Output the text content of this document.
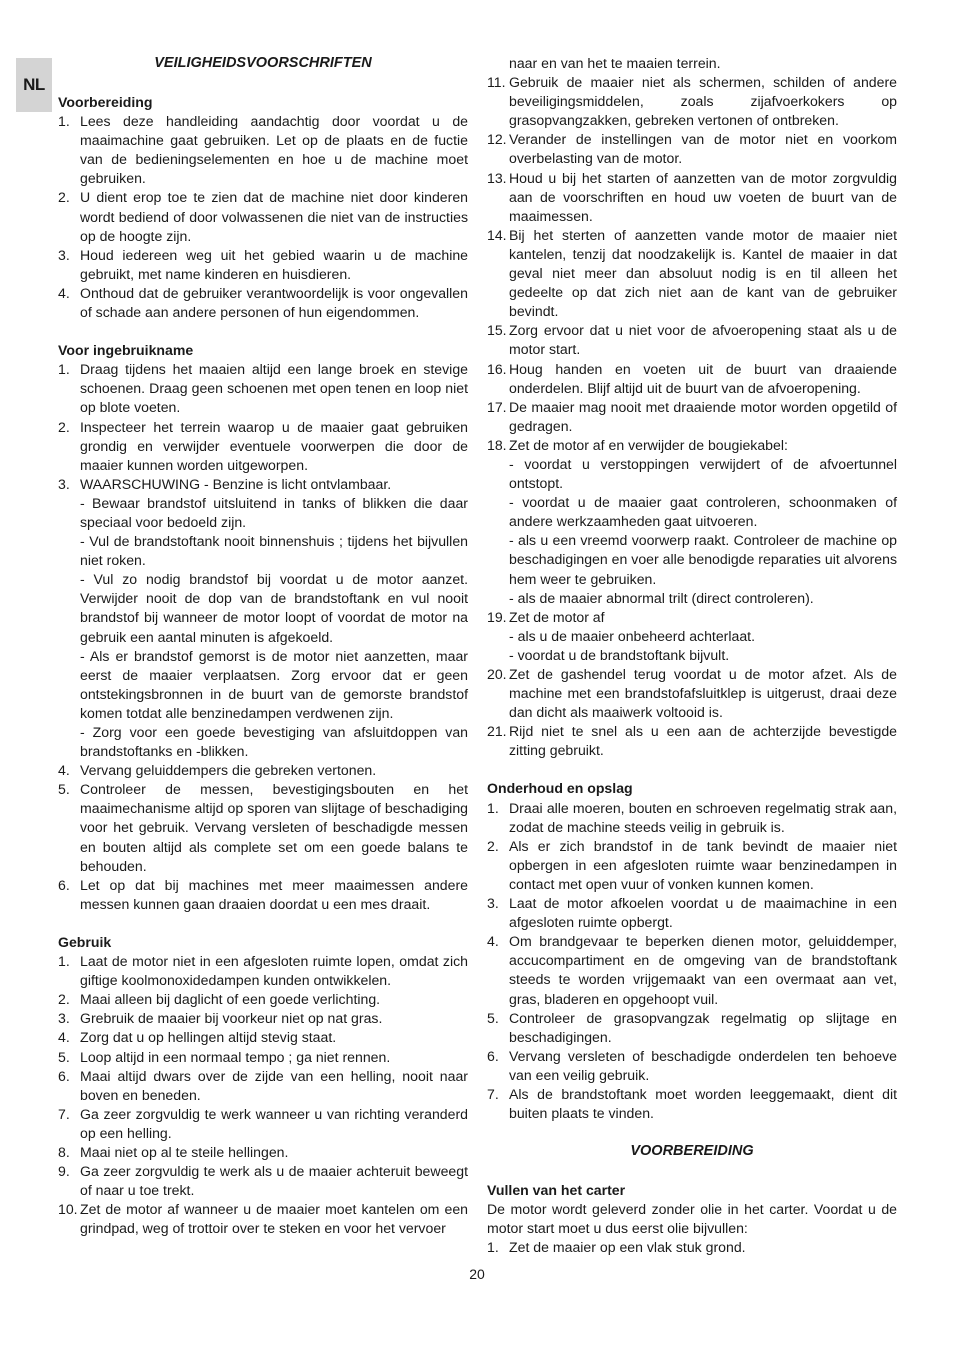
NL
VEILIGHEIDSVOORSCHRIFTEN
Voorbereiding
1. Lees deze handleiding aandachtig door voordat u de maaimachine gaat gebruiken. Let op de plaats en de fuctie van de bedieningselementen en hoe u de machine moet gebruiken.
2. U dient erop toe te zien dat de machine niet door kinderen wordt bediend of door volwassenen die niet van de instructies op de hoogte zijn.
3. Houd iedereen weg uit het gebied waarin u de machine gebruikt, met name kinderen en huisdieren.
4. Onthoud dat de gebruiker verantwoordelijk is voor ongevallen of schade aan andere personen of hun eigendommen.
Voor ingebruikname
1. Draag tijdens het maaien altijd een lange broek en stevige schoenen. Draag geen schoenen met open tenen en loop niet op blote voeten.
2. Inspecteer het terrein waarop u de maaier gaat gebruiken grondig en verwijder eventuele voorwerpen die door de maaier kunnen worden uitgeworpen.
3. WAARSCHUWING - Benzine is licht ontvlambaar.
- Bewaar brandstof uitsluitend in tanks of blikken die daar speciaal voor bedoeld zijn.
- Vul de brandstoftank nooit binnenshuis ; tijdens het bijvullen niet roken.
- Vul zo nodig brandstof bij voordat u de motor aanzet. Verwijder nooit de dop van de brandstoftank en vul nooit brandstof bij wanneer de motor loopt of voordat de motor na gebruik een aantal minuten is afgekoeld.
- Als er brandstof gemorst is de motor niet aanzetten, maar eerst de maaier verplaatsen. Zorg ervoor dat er geen ontstekingsbronnen in de buurt van de gemorste brandstof komen totdat alle benzinedampen verdwenen zijn.
- Zorg voor een goede bevestiging van afsluitdoppen van brandstoftanks en -blikken.
4. Vervang geluiddempers die gebreken vertonen.
5. Controleer de messen, bevestigingsbouten en het maaimechanisme altijd op sporen van slijtage of beschadiging voor het gebruik. Vervang versleten of beschadigde messen en bouten altijd als complete set om een goede balans te behouden.
6. Let op dat bij machines met meer maaimessen andere messen kunnen gaan draaien doordat u een mes draait.
Gebruik
1. Laat de motor niet in een afgesloten ruimte lopen, omdat zich giftige koolmonoxidedampen kunden ontwikkelen.
2. Maai alleen bij daglicht of een goede verlichting.
3. Grebruik de maaier bij voorkeur niet op nat gras.
4. Zorg dat u op hellingen altijd stevig staat.
5. Loop altijd in een normaal tempo ; ga niet rennen.
6. Maai altijd dwars over de zijde van een helling, nooit naar boven en beneden.
7. Ga zeer zorgvuldig te werk wanneer u van richting veranderd op een helling.
8. Maai niet op al te steile hellingen.
9. Ga zeer zorgvuldig te werk als u de maaier achteruit beweegt of naar u toe trekt.
10. Zet de motor af wanneer u de maaier moet kantelen om een grindpad, weg of trottoir over te steken en voor het vervoer
naar en van het te maaien terrein.
11. Gebruik de maaier niet als schermen, schilden of andere beveiligingsmiddelen, zoals zijafvoerkokers op grasopvangzakken, gebreken vertonen of ontbreken.
12. Verander de instellingen van de motor niet en voorkom overbelasting van de motor.
13. Houd u bij het starten of aanzetten van de motor zorgvuldig aan de voorschriften en houd uw voeten de buurt van de maaimessen.
14. Bij het sterten of aanzetten vande motor de maaier niet kantelen, tenzij dat noodzakelijk is. Kantel de maaier in dat geval niet meer dan absoluut nodig is en til alleen het gedeelte op dat zich niet aan de kant van de gebruiker bevindt.
15. Zorg ervoor dat u niet voor de afvoeropening staat als u de motor start.
16. Houg handen en voeten uit de buurt van draaiende onderdelen. Blijf altijd uit de buurt van de afvoeropening.
17. De maaier mag nooit met draaiende motor worden opgetild of gedragen.
18. Zet de motor af en verwijder de bougiekabel:
- voordat u verstoppingen verwijdert of de afvoertunnel ontstopt.
- voordat u de maaier gaat controleren, schoonmaken of andere werkzaamheden gaat uitvoeren.
- als u een vreemd voorwerp raakt. Controleer de machine op beschadigingen en voer alle benodigde reparaties uit alvorens hem weer te gebruiken.
- als de maaier abnormal trilt (direct controleren).
19. Zet de motor af
- als u de maaier onbeheerd achterlaat.
- voordat u de brandstoftank bijvult.
20. Zet de gashendel terug voordat u de motor afzet. Als de machine met een brandstofafsluitklep is uitgerust, draai deze dan dicht als maaiwerk voltooid is.
21. Rijd niet te snel als u een aan de achterzijde bevestigde zitting gebruikt.
Onderhoud en opslag
1. Draai alle moeren, bouten en schroeven regelmatig strak aan, zodat de machine steeds veilig in gebruik is.
2. Als er zich brandstof in de tank bevindt de maaier niet opbergen in een afgesloten ruimte waar benzinedampen in contact met open vuur of vonken kunnen komen.
3. Laat de motor afkoelen voordat u de maaimachine in een afgesloten ruimte opbergt.
4. Om brandgevaar te beperken dienen motor, geluiddemper, accucompartiment en de omgeving van de brandstoftank steeds te worden vrijgemaakt van een overmaat aan vet, gras, bladeren en opgehoopt vuil.
5. Controleer de grasopvangzak regelmatig op slijtage en beschadigingen.
6. Vervang versleten of beschadigde onderdelen ten behoeve van een veilig gebruik.
7. Als de brandstoftank moet worden leeggemaakt, dient dit buiten plaats te vinden.
VOORBEREIDING
Vullen van het carter

De motor wordt geleverd zonder olie in het carter. Voordat u de motor start moet u dus eerst olie bijvullen:

1. Zet de maaier op een vlak stuk grond.
20
